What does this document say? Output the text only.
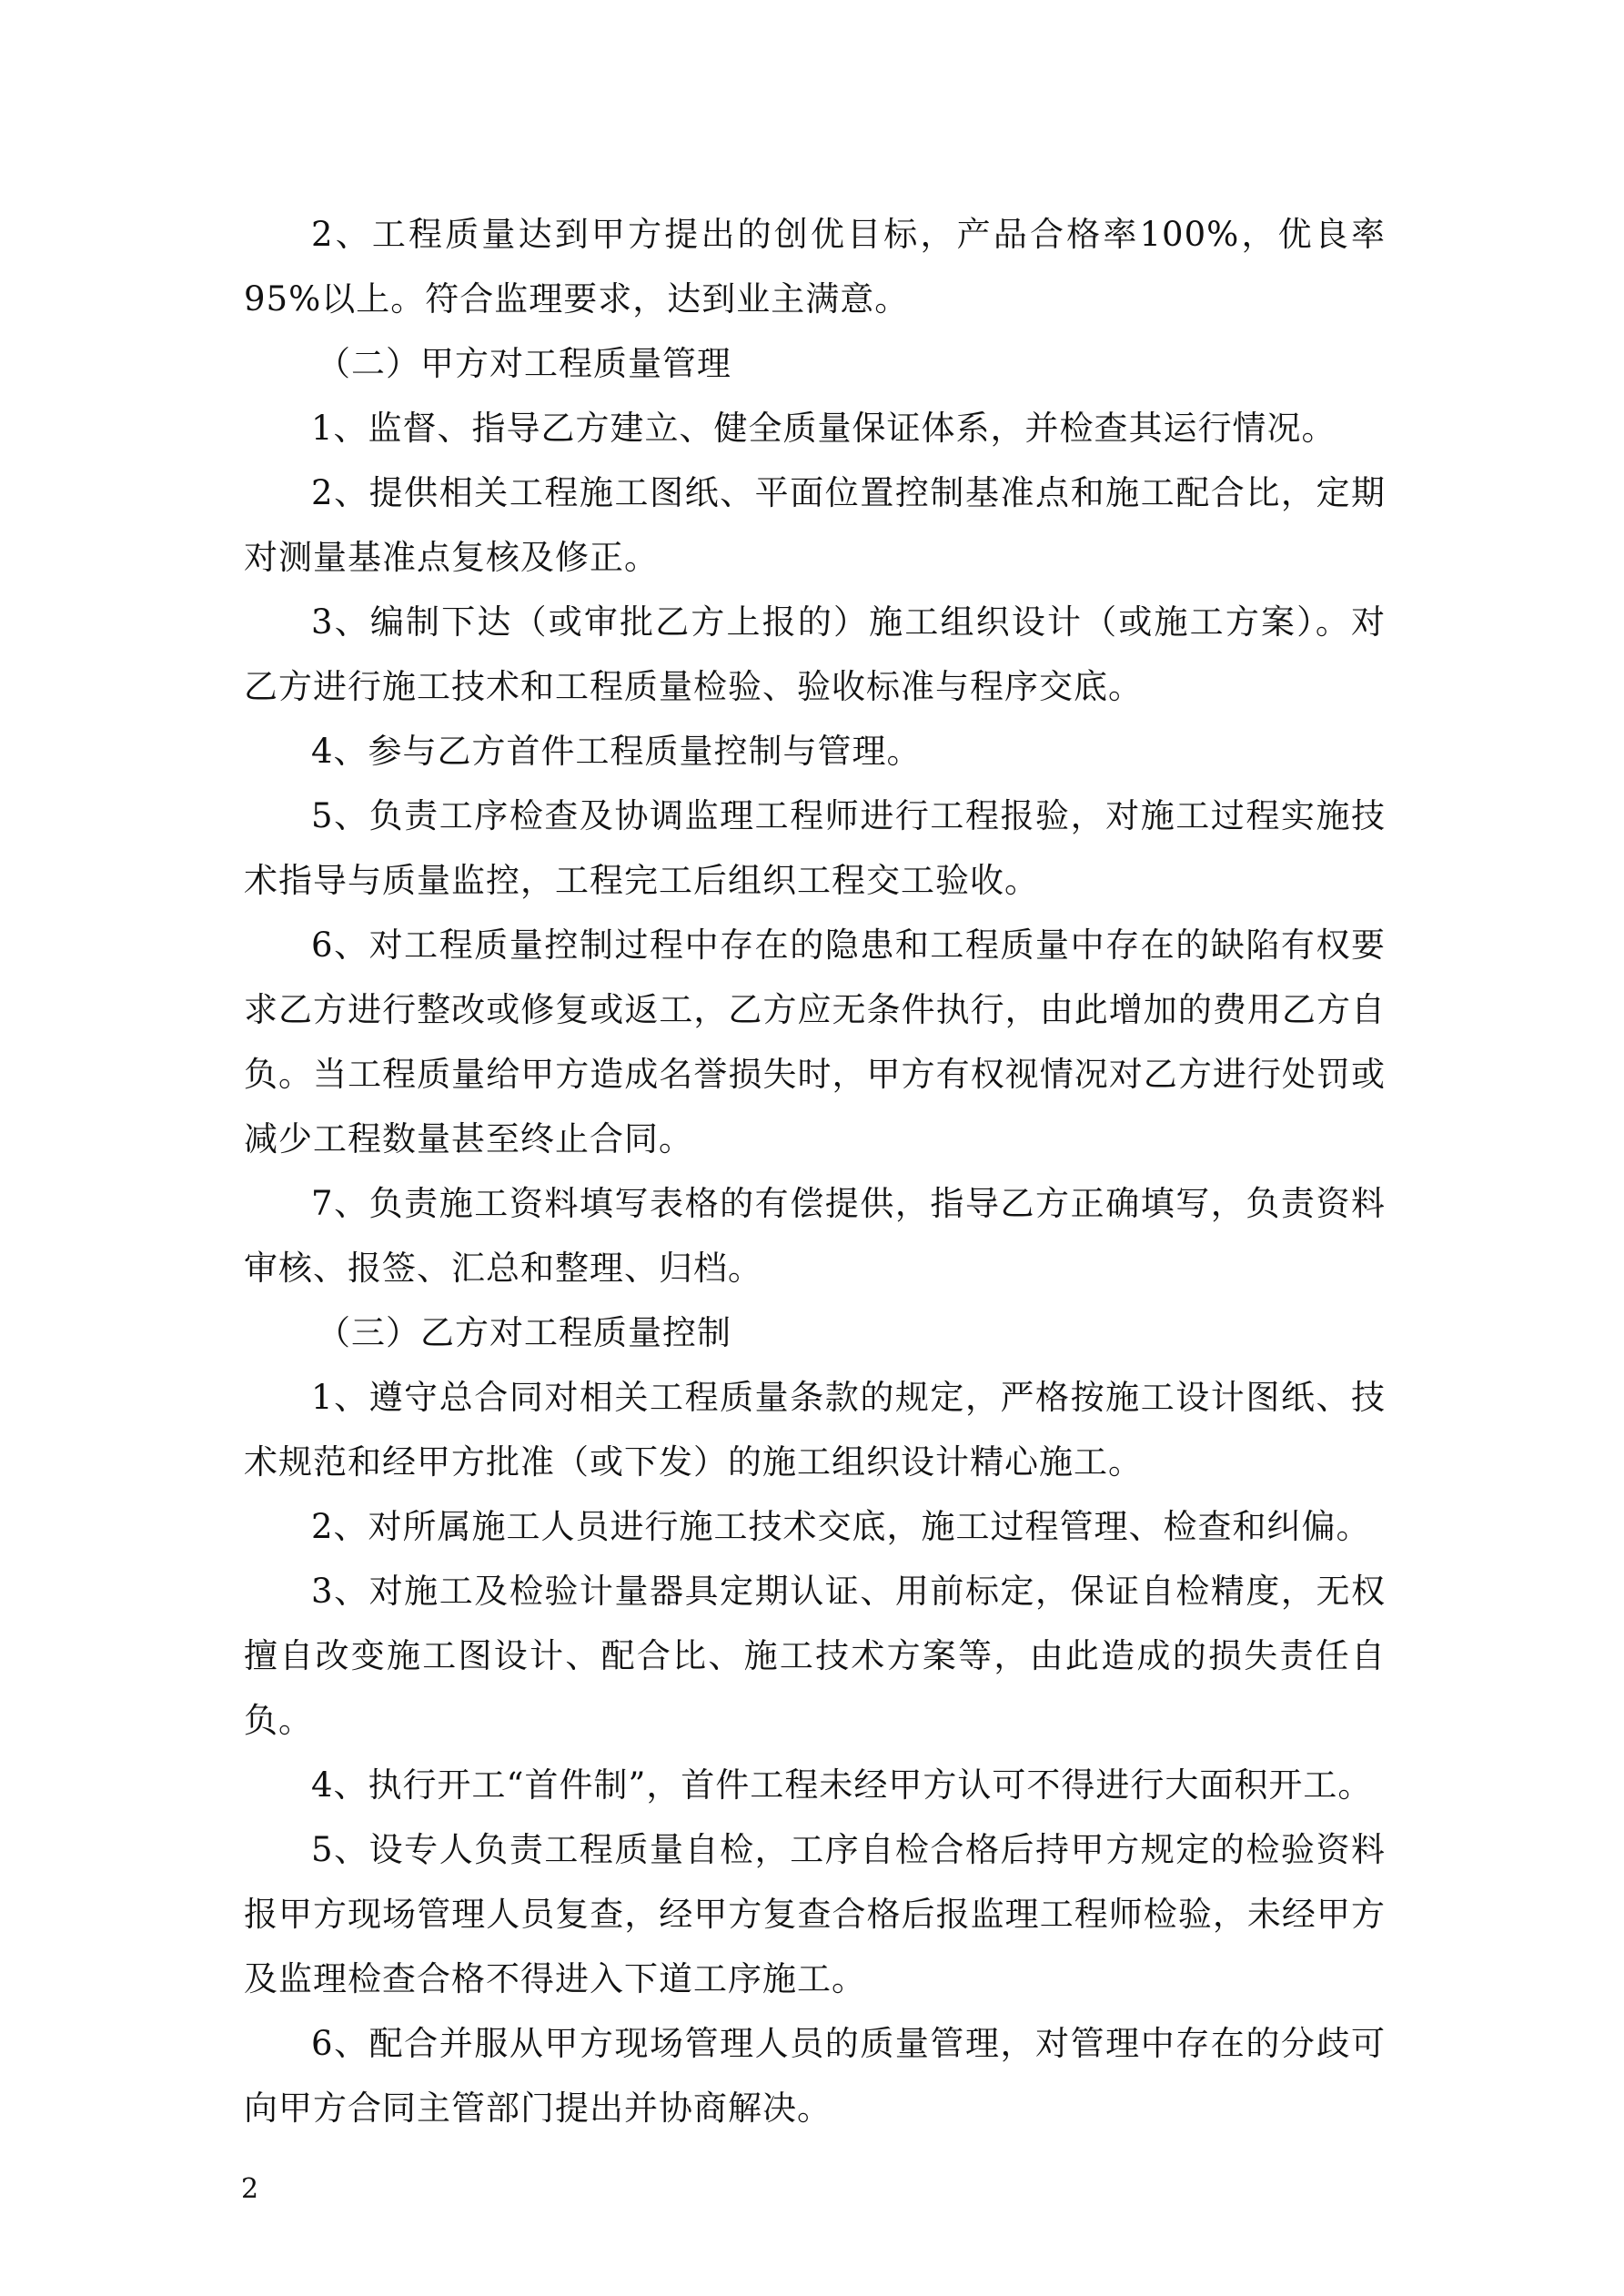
2、工程质量达到甲方提出的创优目标，产品合格率100%，优良率95%以上。符合监理要求，达到业主满意。

（二）甲方对工程质量管理

1、监督、指导乙方建立、健全质量保证体系，并检查其运行情况。

2、提供相关工程施工图纸、平面位置控制基准点和施工配合比，定期对测量基准点复核及修正。

3、编制下达（或审批乙方上报的）施工组织设计（或施工方案）。对乙方进行施工技术和工程质量检验、验收标准与程序交底。

4、参与乙方首件工程质量控制与管理。

5、负责工序检查及协调监理工程师进行工程报验，对施工过程实施技术指导与质量监控，工程完工后组织工程交工验收。

6、对工程质量控制过程中存在的隐患和工程质量中存在的缺陷有权要求乙方进行整改或修复或返工，乙方应无条件执行，由此增加的费用乙方自负。当工程质量给甲方造成名誉损失时，甲方有权视情况对乙方进行处罚或减少工程数量甚至终止合同。

7、负责施工资料填写表格的有偿提供，指导乙方正确填写，负责资料审核、报签、汇总和整理、归档。

（三）乙方对工程质量控制

1、遵守总合同对相关工程质量条款的规定，严格按施工设计图纸、技术规范和经甲方批准（或下发）的施工组织设计精心施工。

2、对所属施工人员进行施工技术交底，施工过程管理、检查和纠偏。

3、对施工及检验计量器具定期认证、用前标定，保证自检精度，无权擅自改变施工图设计、配合比、施工技术方案等，由此造成的损失责任自负。

4、执行开工“首件制”，首件工程未经甲方认可不得进行大面积开工。

5、设专人负责工程质量自检，工序自检合格后持甲方规定的检验资料报甲方现场管理人员复查，经甲方复查合格后报监理工程师检验，未经甲方及监理检查合格不得进入下道工序施工。

6、配合并服从甲方现场管理人员的质量管理，对管理中存在的分歧可向甲方合同主管部门提出并协商解决。

2
